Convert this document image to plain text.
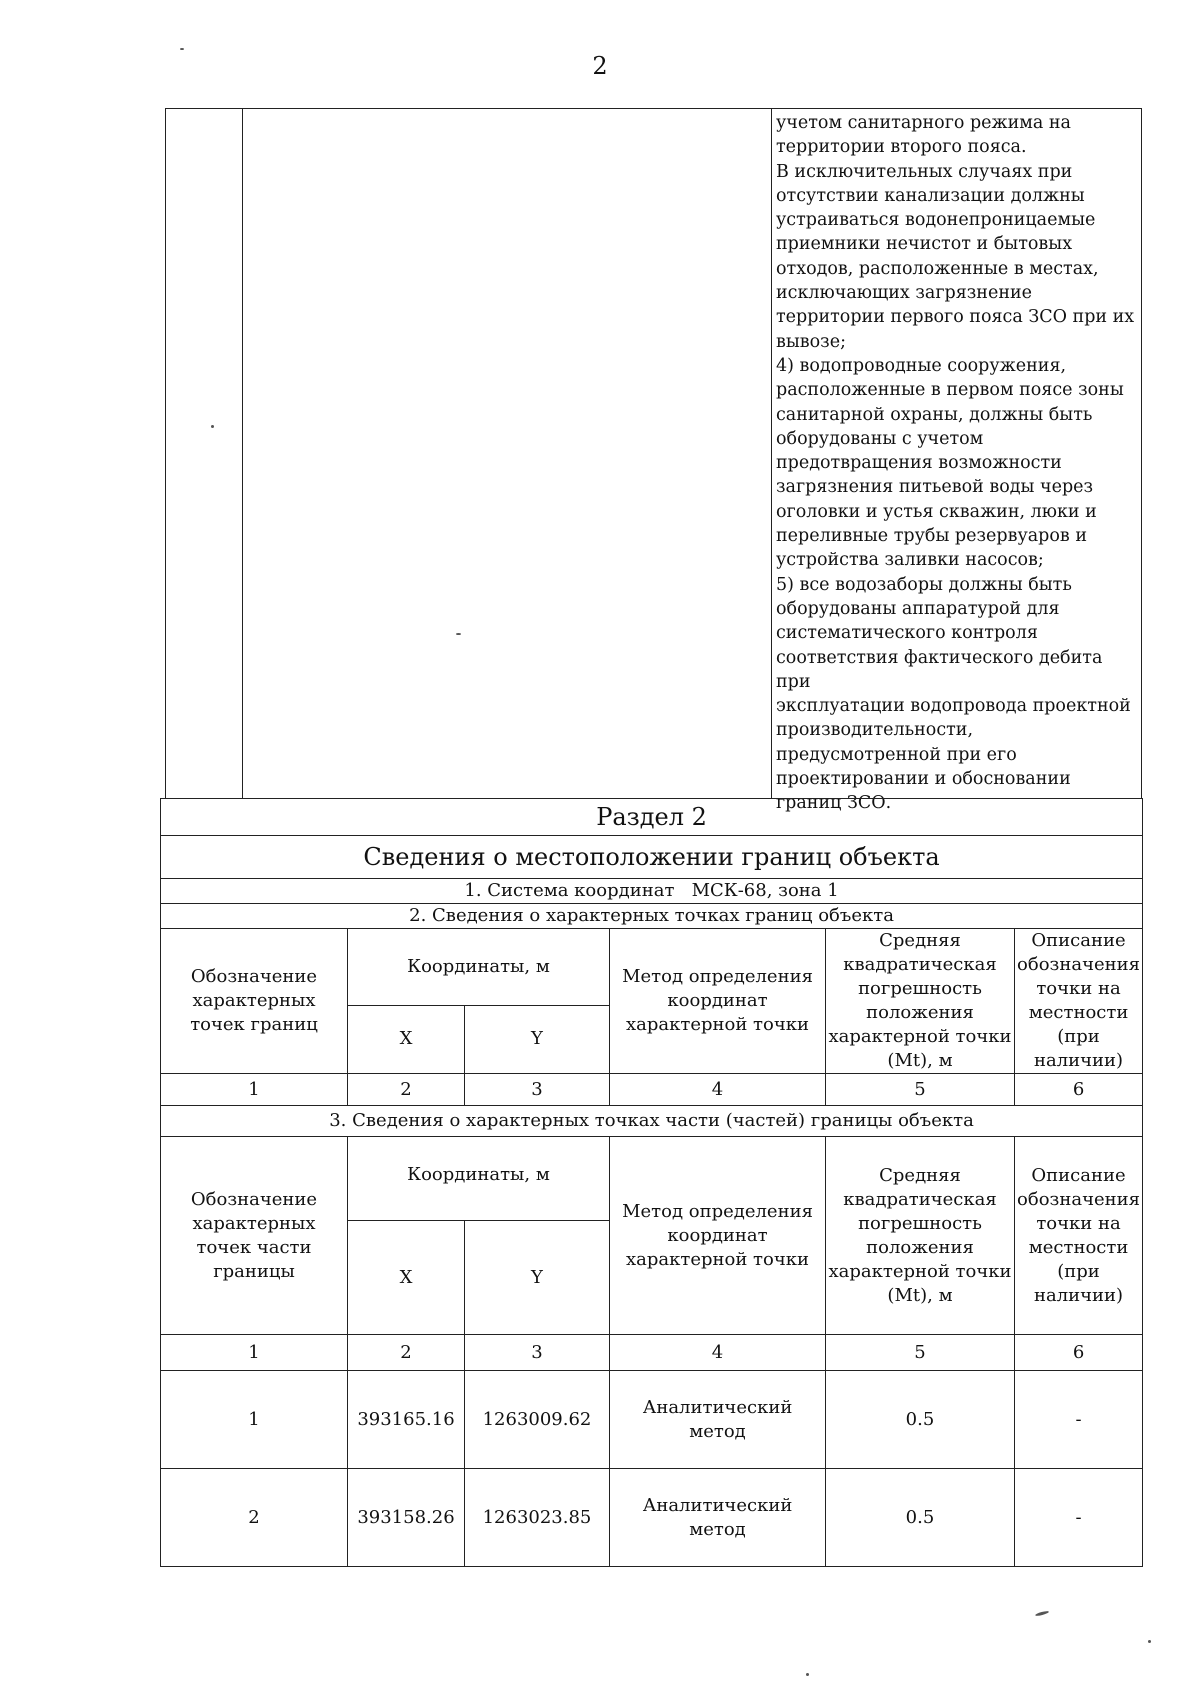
2
учетом санитарного режима на
территории второго пояса.
В исключительных случаях при
отсутствии канализации должны
устраиваться водонепроницаемые
приемники нечистот и бытовых
отходов, расположенные в местах,
исключающих загрязнение
территории первого пояса ЗСО при их
вывозе;
4) водопроводные сооружения,
расположенные в первом поясе зоны
санитарной охраны, должны быть
оборудованы с учетом
предотвращения возможности
загрязнения питьевой воды через
оголовки и устья скважин, люки и
переливные трубы резервуаров и
устройства заливки насосов;
5) все водозаборы должны быть
оборудованы аппаратурой для
систематического контроля
соответствия фактического дебита при
эксплуатации водопровода проектной
производительности,
предусмотренной при его
проектировании и обосновании
границ ЗСО.
Раздел 2					
Сведения о местоположении границ объекта					
1. Система координат МСК-68, зона 1					
2. Сведения о характерных точках границ объекта					
Обозначение характерных точек границ	Координаты, м		Метод определения координат характерной точки	Средняя квадратическая погрешность положения характерной точки (Mt), м	Описание обозначения точки на местности (при наличии)
	X	Y			
1	2	3	4	5	6
3. Сведения о характерных точках части (частей) границы объекта					
Обозначение характерных точек части границы	Координаты, м		Метод определения координат характерной точки	Средняя квадратическая погрешность положения характерной точки (Mt), м	Описание обозначения точки на местности (при наличии)
	X	Y			
1	2	3	4	5	6
1	393165.16	1263009.62	Аналитический метод	0.5	-
2	393158.26	1263023.85	Аналитический метод	0.5	-
